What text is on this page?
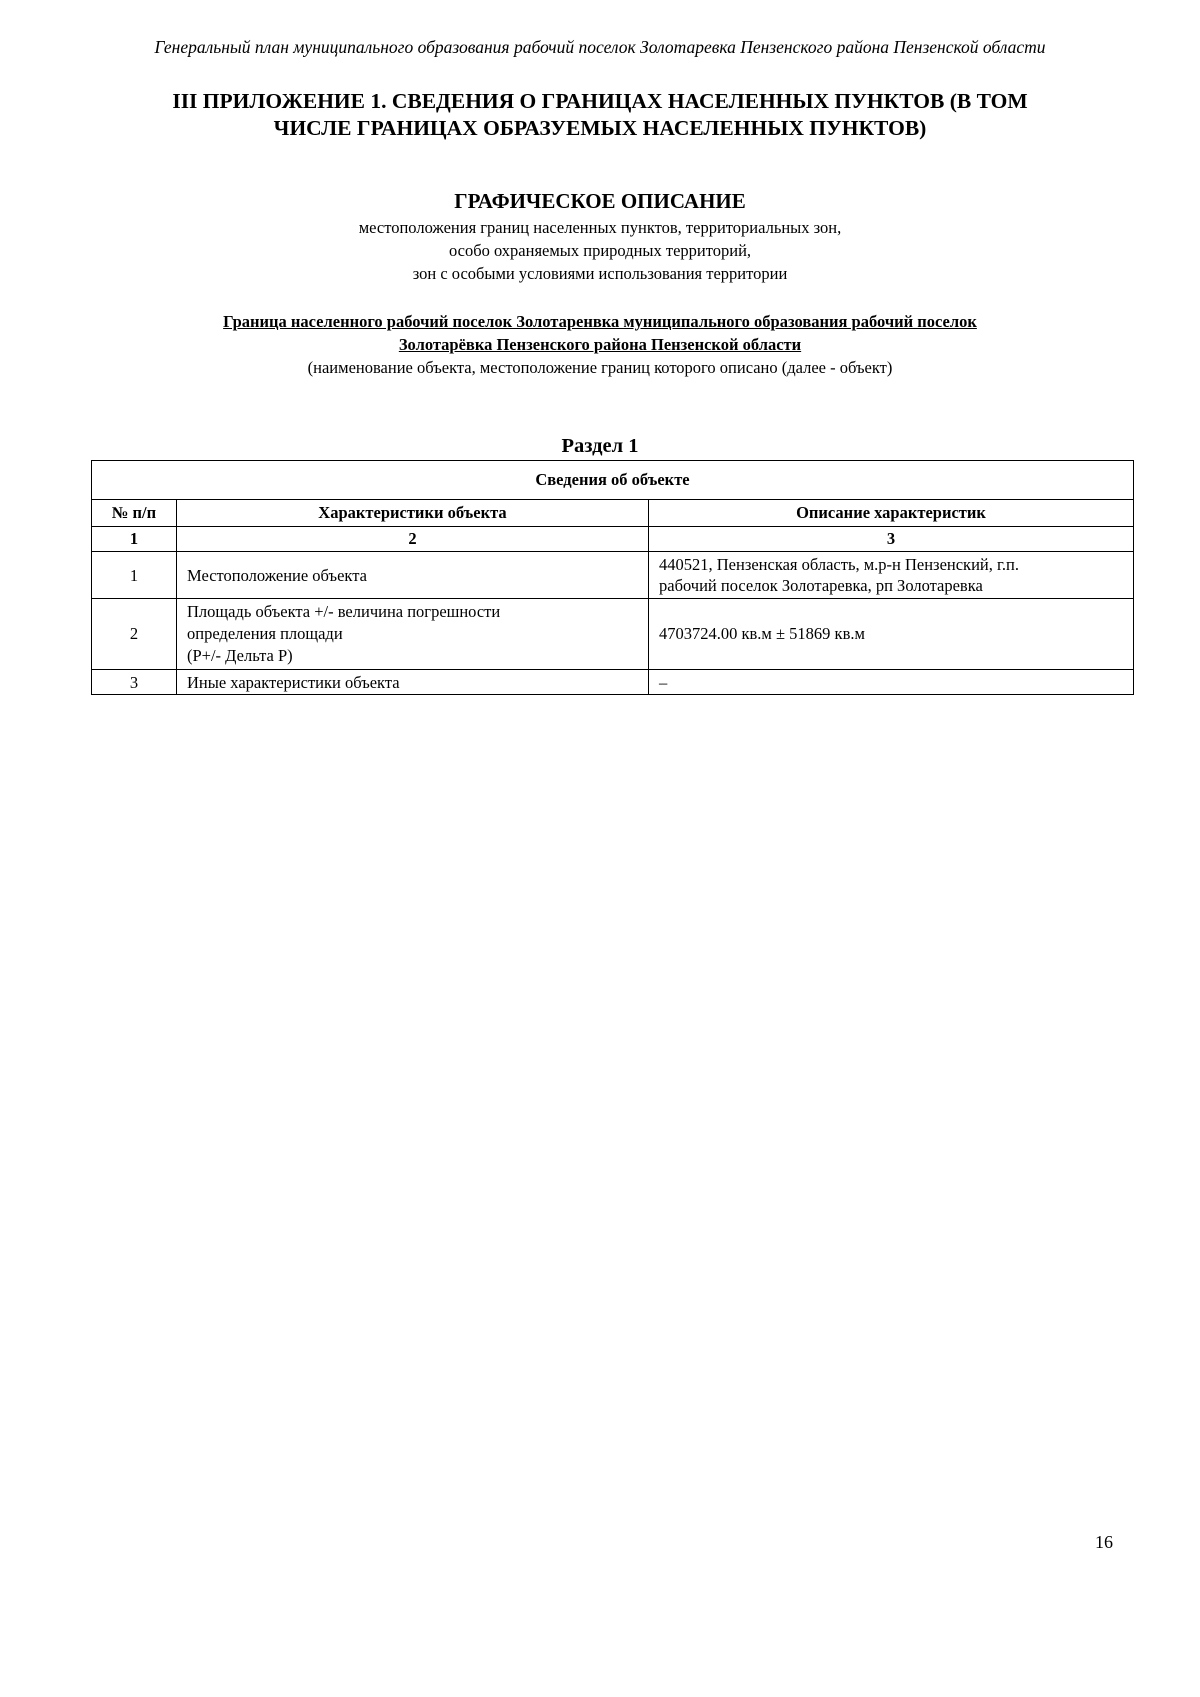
Генеральный план муниципального образования рабочий поселок Золотаревка Пензенского района Пензенской области
III ПРИЛОЖЕНИЕ 1. СВЕДЕНИЯ О ГРАНИЦАХ НАСЕЛЕННЫХ ПУНКТОВ (В ТОМ
ЧИСЛЕ ГРАНИЦАХ ОБРАЗУЕМЫХ НАСЕЛЕННЫХ ПУНКТОВ)
ГРАФИЧЕСКОЕ ОПИСАНИЕ
местоположения границ населенных пунктов, территориальных зон,
особо охраняемых природных территорий,
зон с особыми условиями использования территории
Граница населенного рабочий поселок Золотаренвка муниципального образования рабочий поселок
Золотарёвка Пензенского района Пензенской области
(наименование объекта, местоположение границ которого описано (далее - объект)
Раздел 1
Сведения об объекте		
№ п/п	Характеристики объекта	Описание характеристик
1	2	3
1	Местоположение объекта	440521, Пензенская область, м.р-н Пензенский, г.п.
рабочий поселок Золотаревка, рп Золотаревка

2	Площадь объекта +/- величина погрешности
определения площади
(Р+/- Дельта Р)	4703724.00 кв.м ± 51869 кв.м

3	Иные характеристики объекта	–
16
